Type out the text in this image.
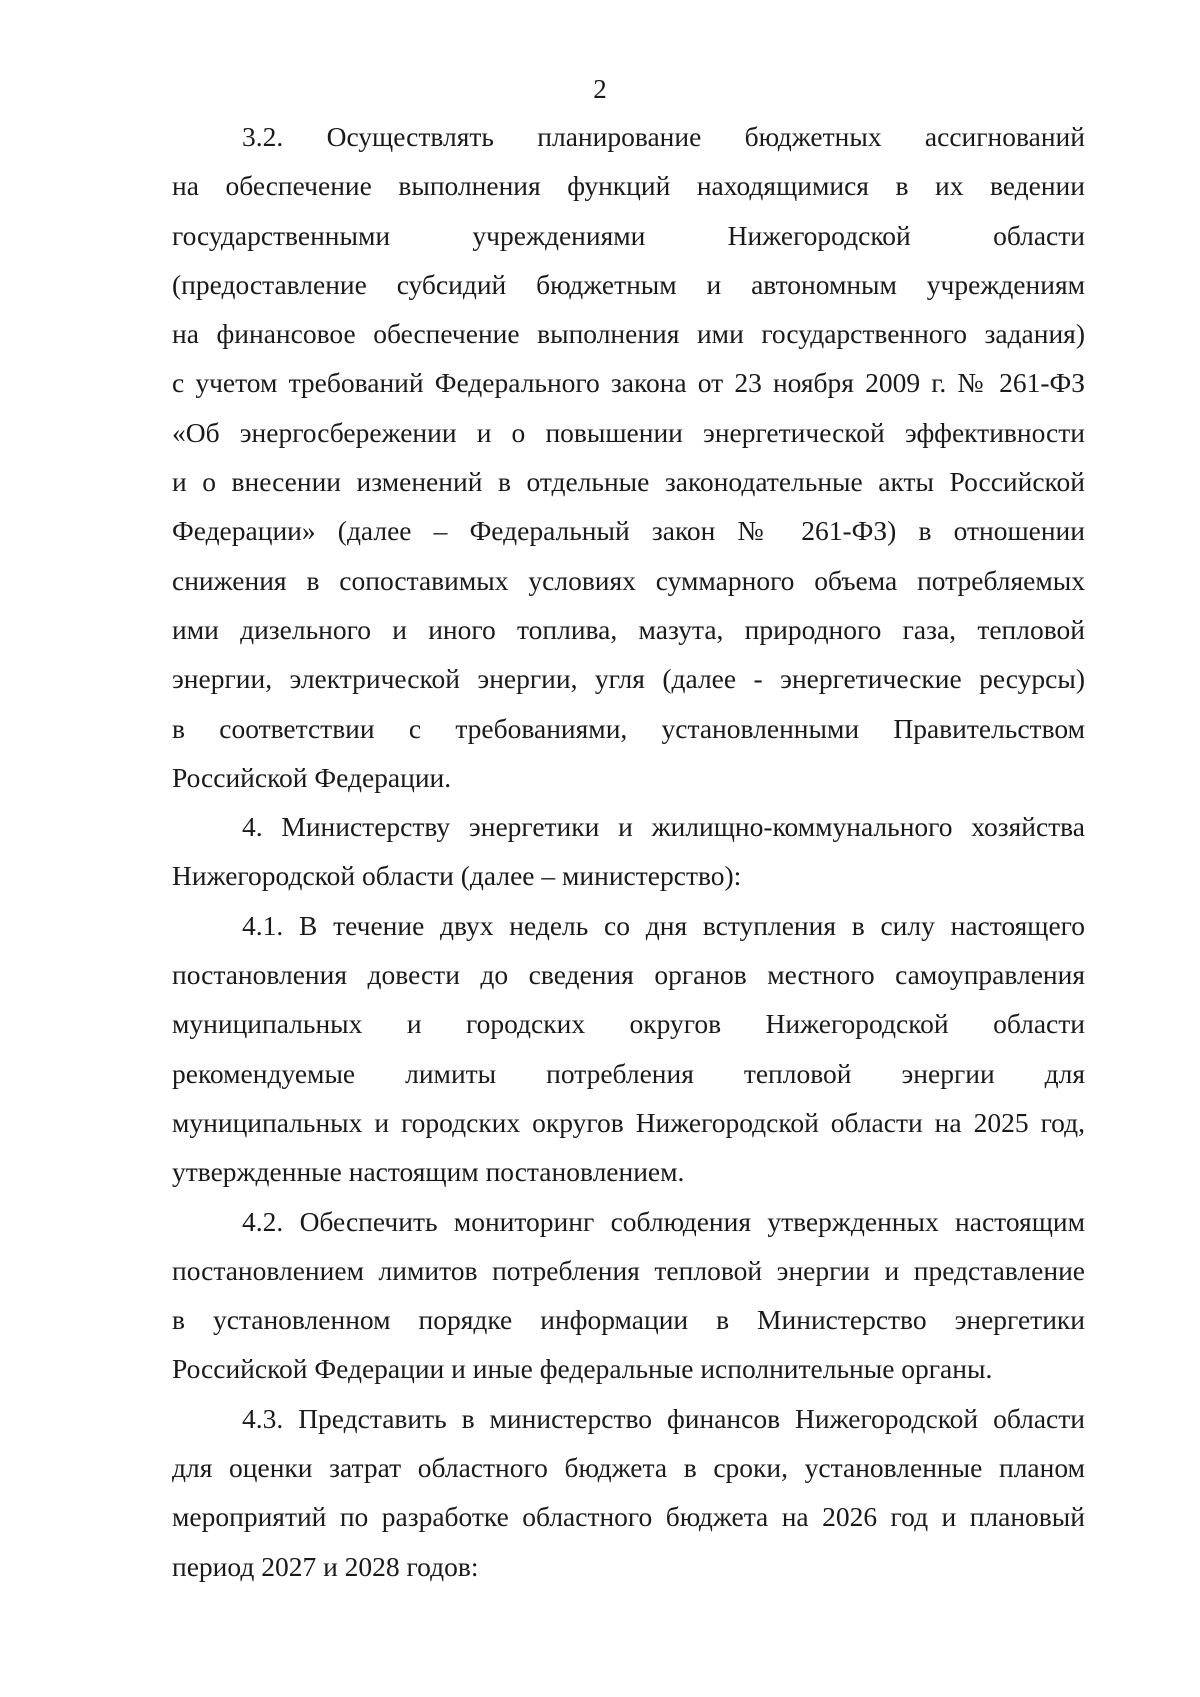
2
3.2. Осуществлять планирование бюджетных ассигнований
на обеспечение выполнения функций находящимися в их ведении
государственными учреждениями Нижегородской области
(предоставление субсидий бюджетным и автономным учреждениям
на финансовое обеспечение выполнения ими государственного задания)
с учетом требований Федерального закона от 23 ноября 2009 г. № 261-ФЗ
«Об энергосбережении и о повышении энергетической эффективности
и о внесении изменений в отдельные законодательные акты Российской
Федерации» (далее – Федеральный закон № 261-ФЗ) в отношении
снижения в сопоставимых условиях суммарного объема потребляемых
ими дизельного и иного топлива, мазута, природного газа, тепловой
энергии, электрической энергии, угля (далее - энергетические ресурсы)
в соответствии с требованиями, установленными Правительством
Российской Федерации.
4. Министерству энергетики и жилищно-коммунального хозяйства
Нижегородской области (далее – министерство):
4.1. В течение двух недель со дня вступления в силу настоящего
постановления довести до сведения органов местного самоуправления
муниципальных и городских округов Нижегородской области
рекомендуемые лимиты потребления тепловой энергии для
муниципальных и городских округов Нижегородской области на 2025 год,
утвержденные настоящим постановлением.
4.2. Обеспечить мониторинг соблюдения утвержденных настоящим
постановлением лимитов потребления тепловой энергии и представление
в установленном порядке информации в Министерство энергетики
Российской Федерации и иные федеральные исполнительные органы.
4.3. Представить в министерство финансов Нижегородской области
для оценки затрат областного бюджета в сроки, установленные планом
мероприятий по разработке областного бюджета на 2026 год и плановый
период 2027 и 2028 годов:
